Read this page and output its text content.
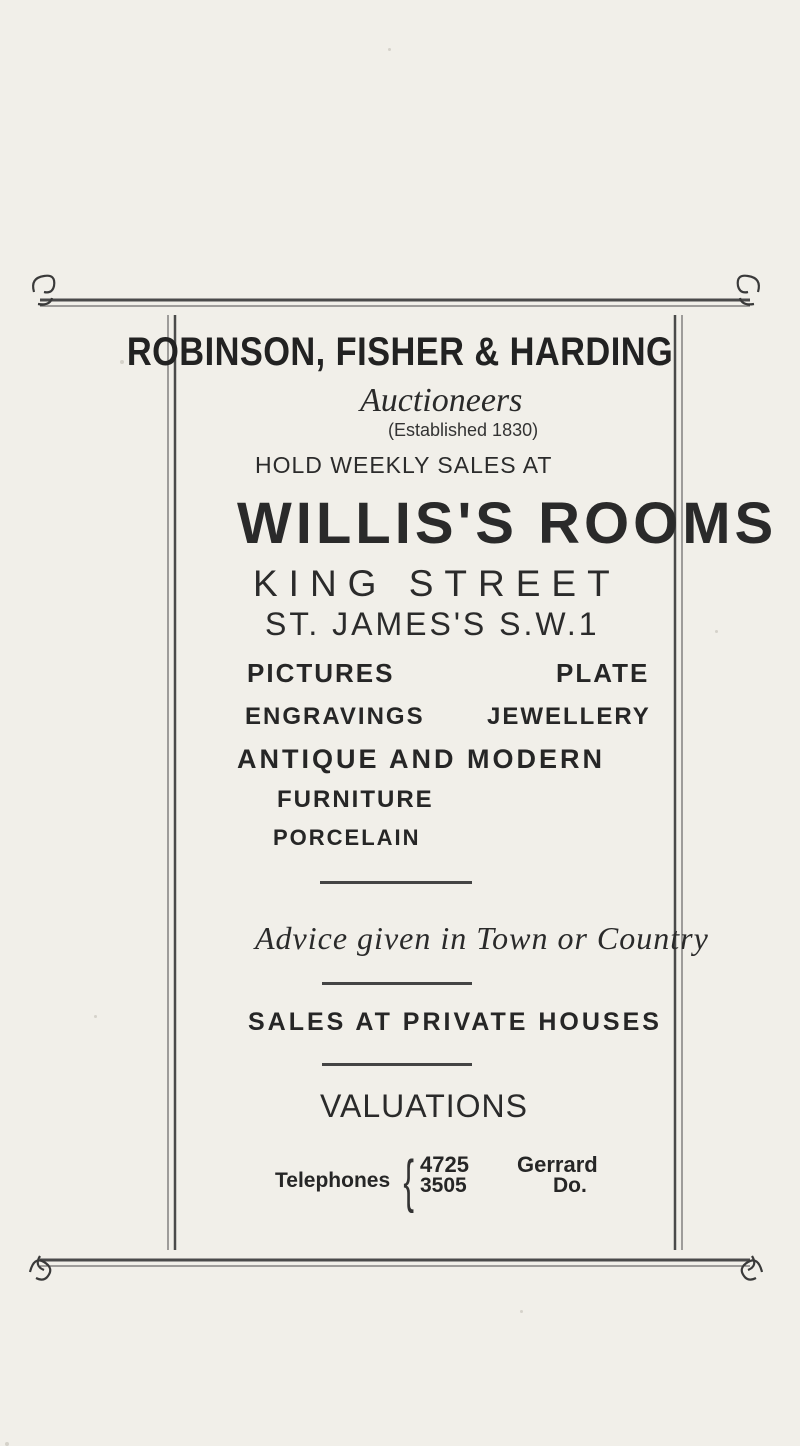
ROBINSON, FISHER & HARDING
Auctioneers
(Established 1830)
HOLD WEEKLY SALES AT
WILLIS'S ROOMS
KING STREET
ST. JAMES'S S.W.1
PICTURES	PLATE
ENGRAVINGS	JEWELLERY
ANTIQUE AND MODERN
FURNITURE
PORCELAIN
Advice given in Town or Country
SALES AT PRIVATE HOUSES
VALUATIONS
Telephones { 4725 Gerrard
3505	Do.
